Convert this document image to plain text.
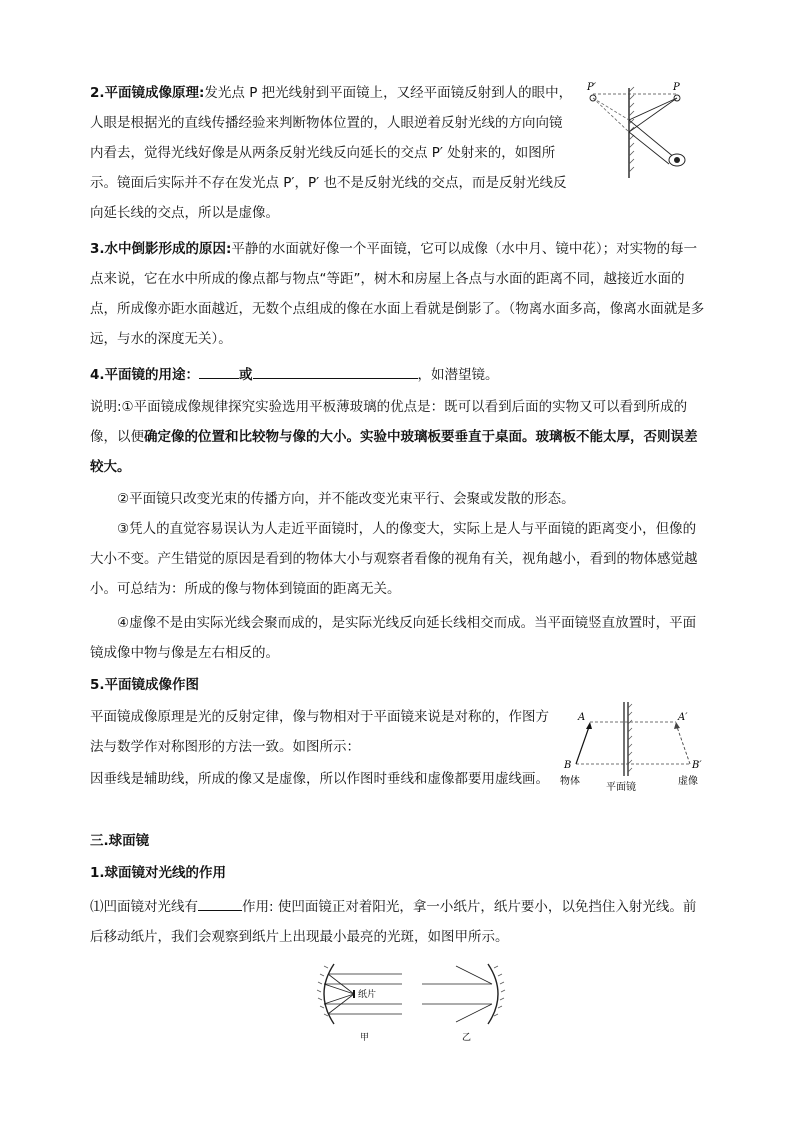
2.平面镜成像原理:发光点 P 把光线射到平面镜上，又经平面镜反射到人的眼中，人眼是根据光的直线传播经验来判断物体位置的，人眼逆着反射光线的方向向镜内看去，觉得光线好像是从两条反射光线反向延长的交点 P′ 处射来的，如图所示。镜面后实际并不存在发光点 P′，P′ 也不是反射光线的交点，而是反射光线反向延长线的交点，所以是虚像。

P′	P

3.水中倒影形成的原因:平静的水面就好像一个平面镜，它可以成像（水中月、镜中花）；对实物的每一点来说，它在水中所成的像点都与物点“等距”，树木和房屋上各点与水面的距离不同，越接近水面的点，所成像亦距水面越近，无数个点组成的像在水面上看就是倒影了。（物离水面多高，像离水面就是多远，与水的深度无关）。

4.平面镜的用途：	或	，如潜望镜。

说明:①平面镜成像规律探究实验选用平板薄玻璃的优点是：既可以看到后面的实物又可以看到所成的像，以便确定像的位置和比较物与像的大小。实验中玻璃板要垂直于桌面。玻璃板不能太厚，否则误差较大。

②平面镜只改变光束的传播方向，并不能改变光束平行、会聚或发散的形态。

③凭人的直觉容易误认为人走近平面镜时，人的像变大，实际上是人与平面镜的距离变小，但像的大小不变。产生错觉的原因是看到的物体大小与观察者看像的视角有关，视角越小，看到的物体感觉越小。可总结为：所成的像与物体到镜面的距离无关。

④虚像不是由实际光线会聚而成的，是实际光线反向延长线相交而成。当平面镜竖直放置时，平面镜成像中物与像是左右相反的。

5.平面镜成像作图

平面镜成像原理是光的反射定律，像与物相对于平面镜来说是对称的，作图方法与数学作对称图形的方法一致。如图所示：

因垂线是辅助线，所成的像又是虚像，所以作图时垂线和虚像都要用虚线画。

A
B
A′
B′
物体
平面镜
虚像

三.球面镜

1.球面镜对光线的作用

⑴凹面镜对光线有	作用: 使凹面镜正对着阳光，拿一小纸片，纸片要小，以免挡住入射光线。前后移动纸片，我们会观察到纸片上出现最小最亮的光斑，如图甲所示。

纸片
甲	乙
